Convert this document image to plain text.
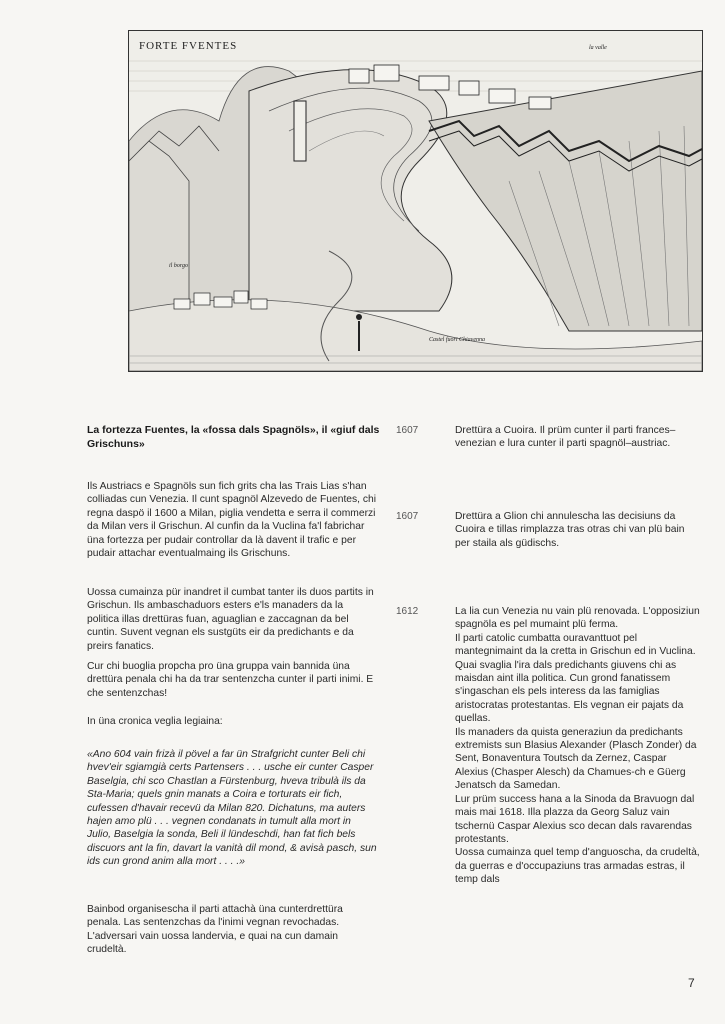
FORTE FVENTES	la valle
il borgo
Castel fuori Chiavenna
La fortezza Fuentes, la «fossa dals Spagnöls», il «giuf dals Grischuns»

Ils Austriacs e Spagnöls sun fich grits cha las Trais Lias s'han colliadas cun Venezia. Il cunt spagnöl Alzevedo de Fuentes, chi regna daspö il 1600 a Milan, piglia vendetta e serra il commerzi da Milan vers il Grischun. Al cunfin da la Vuclina fa'l fabrichar üna fortezza per pudair controllar da là davent il trafic e per pudair attachar eventualmaing ils Grischuns.

Uossa cumainza pür inandret il cumbat tanter ils duos partits in Grischun. Ils ambaschaduors esters e'ls manaders da la politica illas drettüras fuan, aguaglian e zaccagnan da bel cuntin. Suvent vegnan els sustgüts eir da predichants e da preirs fanatics.

Cur chi buoglia propcha pro üna gruppa vain bannida üna drettüra penala chi ha da trar sentenzcha cunter il parti inimi. E che sentenzchas!

In üna cronica veglia legiaina:

«Ano 604 vain frizà il pövel a far ün Strafgricht cunter Beli chi hvev'eir sgiamgià certs Partensers . . . usche eir cunter Casper Baselgia, chi sco Chastlan a Fürstenburg, hveva tribulà ils da Sta-Maria; quels gnin manats a Coira e torturats eir fich, cufessen d'havair recevü da Milan 820. Dichatuns, ma auters hajen amo plü . . . vegnen condanats in tumult alla mort in Julio, Baselgia la sonda, Beli il lündeschdi, han fat fich bels discuors ant la fin, davart la vanità dil mond, & avisà pasch, sun ids cun grond anim alla mort . . . .»

Bainbod organisescha il parti attachà üna cunterdrettüra penala. Las sentenzchas da l'inimi vegnan revochadas. L'adversari vain uossa landervia, e quai na cun damain crudeltà.

1607	Drettüra a Cuoira. Il prüm cunter il parti frances–venezian e lura cunter il parti spagnöl–austriac.

1607	Drettüra a Glion chi annulescha las decisiuns da Cuoira e tillas rimplazza tras otras chi van plü bain per staila als güdischs.

1612	La lia cun Venezia nu vain plü renovada. L'opposiziun spagnöla es pel mumaint plü ferma.

Il parti catolic cumbatta ouravanttuot pel mantegnimaint da la cretta in Grischun ed in Vuclina. Quai svaglia l'ira dals predichants giuvens chi as maisdan aint illa politica. Cun grond fanatissem s'ingaschan els pels interess da las famiglias aristocratas protestantas. Els vegnan eir pajats da quellas.

Ils manaders da quista generaziun da predichants extremists sun Blasius Alexander (Plasch Zonder) da Sent, Bonaventura Toutsch da Zernez, Caspar Alexius (Chasper Alesch) da Chamues-ch e Güerg Jenatsch da Samedan.

Lur prüm success hana a la Sinoda da Bravuogn dal mais mai 1618. Illa plazza da Georg Saluz vain tschernü Caspar Alexius sco decan dals ravarendas protestants.

Uossa cumainza quel temp d'anguoscha, da crudeltà, da guerras e d'occupaziuns tras armadas estras, il temp dals

7
